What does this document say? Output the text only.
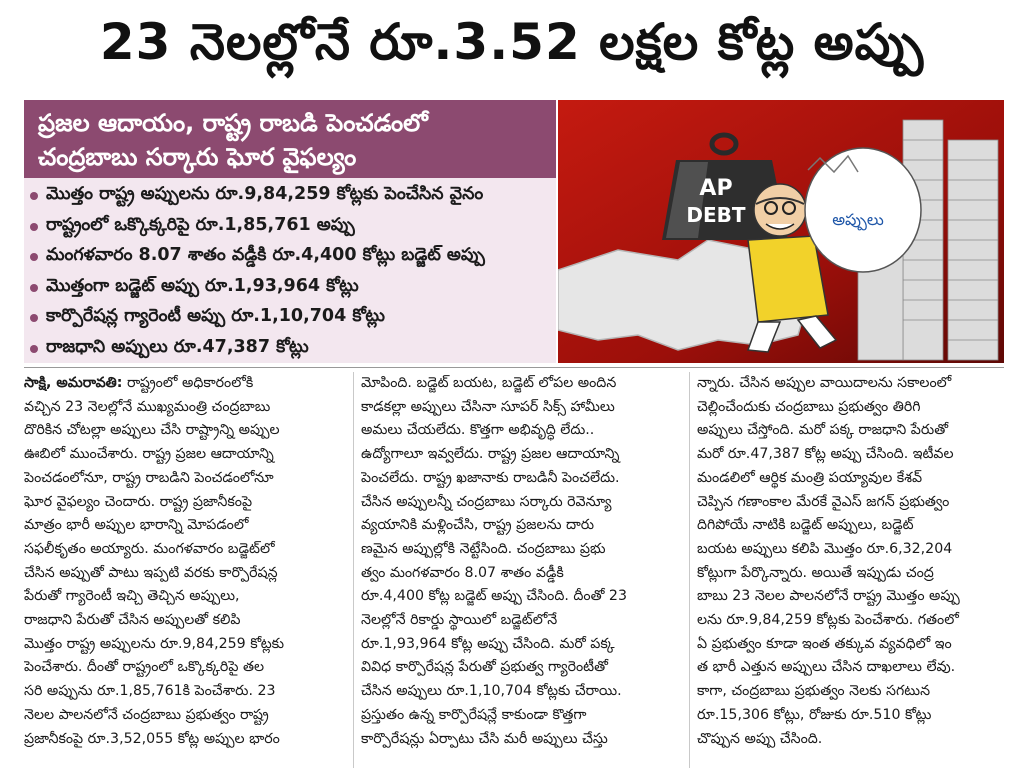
23 నెలల్లోనే రూ.3.52 లక్షల కోట్ల అప్పు
ప్రజల ఆదాయం, రాష్ట్ర రాబడి పెంచడంలో
చంద్రబాబు సర్కారు ఘోర వైఫల్యం
మొత్తం రాష్ట్ర అప్పులను రూ.9,84,259 కోట్లకు పెంచేసిన వైనం
రాష్ట్రంలో ఒక్కొక్కరిపై రూ.1,85,761 అప్పు
మంగళవారం 8.07 శాతం వడ్డీకి రూ.4,400 కోట్లు బడ్జెట్ అప్పు
మొత్తంగా బడ్జెట్ అప్పు రూ.1,93,964 కోట్లు
కార్పొరేషన్ల గ్యారెంటీ అప్పు రూ.1,10,704 కోట్లు
రాజధాని అప్పులు రూ.47,387 కోట్లు
AP
DEBT	అప్పులు
సాక్షి, అమరావతి: రాష్ట్రంలో అధికారంలోకి
వచ్చిన 23 నెలల్లోనే ముఖ్యమంత్రి చంద్రబాబు
దొరికిన చోటల్లా అప్పులు చేసి రాష్ట్రాన్ని అప్పుల
ఊబిలో ముంచేశారు. రాష్ట్ర ప్రజల ఆదాయాన్ని
పెంచడంలోనూ, రాష్ట్ర రాబడిని పెంచడంలోనూ
ఘోర వైఫల్యం చెందారు. రాష్ట్ర ప్రజానీకంపై
మాత్రం భారీ అప్పుల భారాన్ని మోపడంలో
సఫలీకృతం అయ్యారు. మంగళవారం బడ్జెట్‌లో
చేసిన అప్పుతో పాటు ఇప్పటి వరకు కార్పొరేషన్ల
పేరుతో గ్యారెంటీ ఇచ్చి తెచ్చిన అప్పులు,
రాజధాని పేరుతో చేసిన అప్పులతో కలిపి
మొత్తం రాష్ట్ర అప్పులను రూ.9,84,259 కోట్లకు
పెంచేశారు. దీంతో రాష్ట్రంలో ఒక్కొక్కరిపై తల
సరి అప్పును రూ.1,85,761కి పెంచేశారు. 23
నెలల పాలనలోనే చంద్రబాబు ప్రభుత్వం రాష్ట్ర
ప్రజానీకంపై రూ.3,52,055 కోట్ల అప్పుల భారం
మోపింది. బడ్జెట్ బయట, బడ్జెట్ లోపల అందిన
కాడకల్లా అప్పులు చేసినా సూపర్ సిక్స్ హామీలు
అమలు చేయలేదు. కొత్తగా అభివృద్ధి లేదు..
ఉద్యోగాలూ ఇవ్వలేదు. రాష్ట్ర ప్రజల ఆదాయాన్ని
పెంచలేదు. రాష్ట్ర ఖజానాకు రాబడినీ పెంచలేదు.
చేసిన అప్పులన్నీ చంద్రబాబు సర్కారు రెవెన్యూ
వ్యయానికి మళ్లించేసి, రాష్ట్ర ప్రజలను దారు
ణమైన అప్పుల్లోకి నెట్టేసింది. చంద్రబాబు ప్రభు
త్వం మంగళవారం 8.07 శాతం వడ్డీకి
రూ.4,400 కోట్ల బడ్జెట్ అప్పు చేసింది. దీంతో 23
నెలల్లోనే రికార్డు స్థాయిలో బడ్జెట్‌లోనే
రూ.1,93,964 కోట్ల అప్పు చేసింది. మరో పక్క
వివిధ కార్పొరేషన్ల పేరుతో ప్రభుత్వ గ్యారెంటీతో
చేసిన అప్పులు రూ.1,10,704 కోట్లకు చేరాయి.
ప్రస్తుతం ఉన్న కార్పొరేషన్లే కాకుండా కొత్తగా
కార్పొరేషన్లు ఏర్పాటు చేసి మరీ అప్పులు చేస్తు
న్నారు. చేసిన అప్పుల వాయిదాలను సకాలంలో
చెల్లించేందుకు చంద్రబాబు ప్రభుత్వం తిరిగి
అప్పులు చేస్తోంది. మరో పక్క రాజధాని పేరుతో
మరో రూ.47,387 కోట్ల అప్పు చేసింది. ఇటీవల
మండలిలో ఆర్థిక మంత్రి పయ్యావుల కేశవ్
చెప్పిన గణాంకాల మేరకే వైఎస్ జగన్ ప్రభుత్వం
దిగిపోయే నాటికి బడ్జెట్ అప్పులు, బడ్జెట్
బయట అప్పులు కలిపి మొత్తం రూ.6,32,204
కోట్లుగా పేర్కొన్నారు. అయితే ఇప్పుడు చంద్ర
బాబు 23 నెలల పాలనలోనే రాష్ట్ర మొత్తం అప్పు
లను రూ.9,84,259 కోట్లకు పెంచేశారు. గతంలో
ఏ ప్రభుత్వం కూడా ఇంత తక్కువ వ్యవధిలో ఇం
త భారీ ఎత్తున అప్పులు చేసిన దాఖలాలు లేవు.
కాగా, చంద్రబాబు ప్రభుత్వం నెలకు సగటున
రూ.15,306 కోట్లు, రోజుకు రూ.510 కోట్లు
చొప్పున అప్పు చేసింది.
